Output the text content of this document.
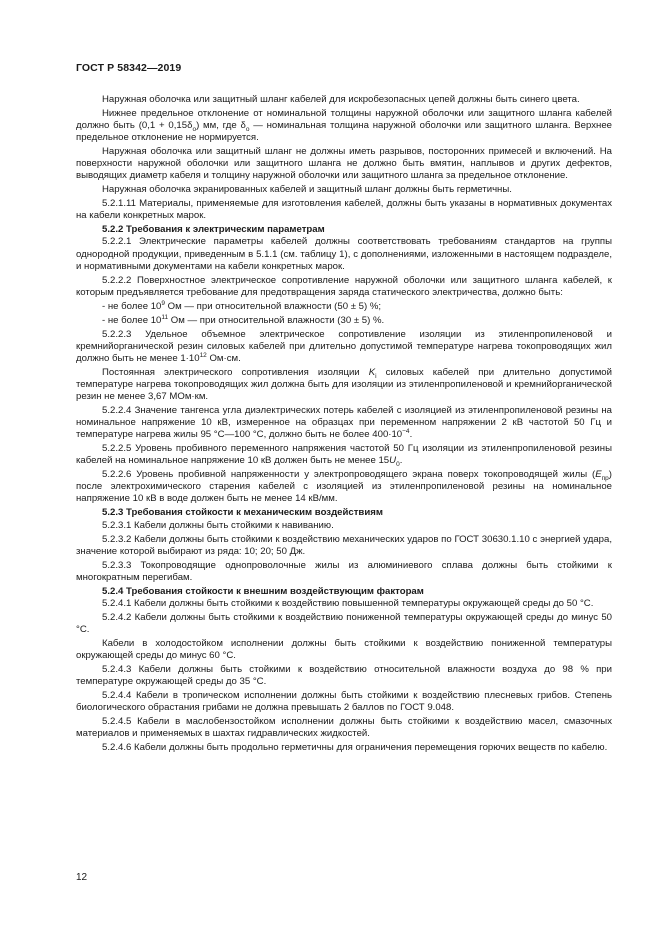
ГОСТ Р 58342—2019
Наружная оболочка или защитный шланг кабелей для искробезопасных цепей должны быть синего цвета.
Нижнее предельное отклонение от номинальной толщины наружной оболочки или защитного шланга кабелей должно быть $(0,1 + 0,15\delta_о)$ мм, где $\delta_о$ — номинальная толщина наружной оболочки или защитного шланга. Верхнее предельное отклонение не нормируется.
Наружная оболочка или защитный шланг не должны иметь разрывов, посторонних примесей и включений. На поверхности наружной оболочки или защитного шланга не должно быть вмятин, наплывов и других дефектов, выводящих диаметр кабеля и толщину наружной оболочки или защитного шланга за предельное отклонение.
Наружная оболочка экранированных кабелей и защитный шланг должны быть герметичны.
5.2.1.11 Материалы, применяемые для изготовления кабелей, должны быть указаны в нормативных документах на кабели конкретных марок.
5.2.2 Требования к электрическим параметрам
5.2.2.1 Электрические параметры кабелей должны соответствовать требованиям стандартов на группы однородной продукции, приведенным в 5.1.1 (см. таблицу 1), с дополнениями, изложенными в настоящем подразделе, и нормативными документами на кабели конкретных марок.
5.2.2.2 Поверхностное электрическое сопротивление наружной оболочки или защитного шланга кабелей, к которым предъявляется требование для предотвращения заряда статического электричества, должно быть:
- не более $10^9$ Ом — при относительной влажности (50 ± 5) %;
- не более $10^{11}$ Ом — при относительной влажности (30 ± 5) %.
5.2.2.3 Удельное объемное электрическое сопротивление изоляции из этиленпропиленовой и кремнийорганической резин силовых кабелей при длительно допустимой температуре нагрева токопроводящих жил должно быть не менее $1\cdot 10^{12}$ Ом·см.
Постоянная электрического сопротивления изоляции $K_i$ силовых кабелей при длительно допустимой температуре нагрева токопроводящих жил должна быть для изоляции из этиленпропиленовой и кремнийорганической резин не менее 3,67 МОм·км.
5.2.2.4 Значение тангенса угла диэлектрических потерь кабелей с изоляцией из этиленпропиленовой резины на номинальное напряжение 10 кВ, измеренное на образцах при переменном напряжении 2 кВ частотой 50 Гц и температуре нагрева жилы 95 °С—100 °С, должно быть не более $400\cdot 10^{-4}$.
5.2.2.5 Уровень пробивного переменного напряжения частотой 50 Гц изоляции из этиленпропиленовой резины кабелей на номинальное напряжение 10 кВ должен быть не менее $15U_0$.
5.2.2.6 Уровень пробивной напряженности у электропроводящего экрана поверх токопроводящей жилы $(E_{пр})$ после электрохимического старения кабелей с изоляцией из этиленпропиленовой резины на номинальное напряжение 10 кВ в воде должен быть не менее 14 кВ/мм.
5.2.3 Требования стойкости к механическим воздействиям
5.2.3.1 Кабели должны быть стойкими к навиванию.
5.2.3.2 Кабели должны быть стойкими к воздействию механических ударов по ГОСТ 30630.1.10 с энергией удара, значение которой выбирают из ряда: 10; 20; 50 Дж.
5.2.3.3 Токопроводящие однопроволочные жилы из алюминиевого сплава должны быть стойкими к многократным перегибам.
5.2.4 Требования стойкости к внешним воздействующим факторам
5.2.4.1 Кабели должны быть стойкими к воздействию повышенной температуры окружающей среды до 50 °С.
5.2.4.2 Кабели должны быть стойкими к воздействию пониженной температуры окружающей среды до минус 50 °С.
Кабели в холодостойком исполнении должны быть стойкими к воздействию пониженной температуры окружающей среды до минус 60 °С.
5.2.4.3 Кабели должны быть стойкими к воздействию относительной влажности воздуха до 98 % при температуре окружающей среды до 35 °С.
5.2.4.4 Кабели в тропическом исполнении должны быть стойкими к воздействию плесневых грибов. Степень биологического обрастания грибами не должна превышать 2 баллов по ГОСТ 9.048.
5.2.4.5 Кабели в маслобензостойком исполнении должны быть стойкими к воздействию масел, смазочных материалов и применяемых в шахтах гидравлических жидкостей.
5.2.4.6 Кабели должны быть продольно герметичны для ограничения перемещения горючих веществ по кабелю.
12
